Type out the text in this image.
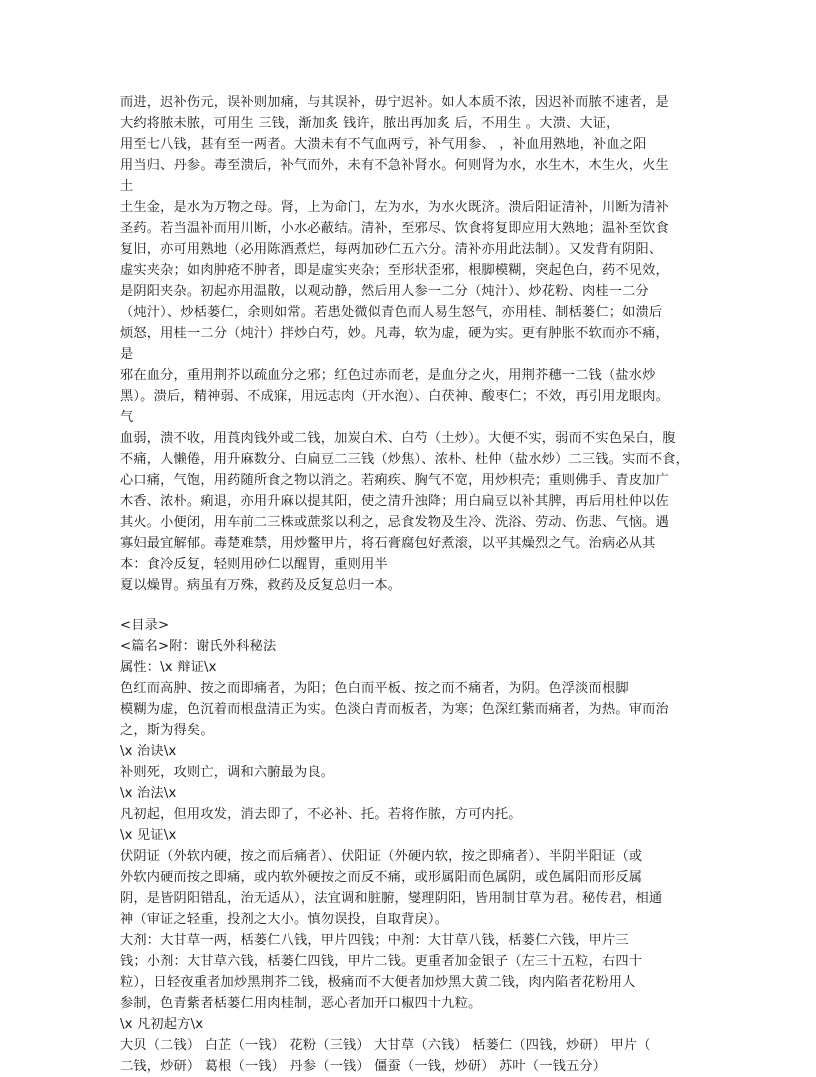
而进，迟补伤元，误补则加痛，与其误补，毋宁迟补。如人本质不浓，因迟补而脓不速者，是
大约将脓未脓，可用生 三钱，渐加炙 钱许，脓出再加炙 后，不用生 。大溃、大证，
用至七八钱，甚有至一两者。大溃未有不气血两亏，补气用参、 ，补血用熟地，补血之阳
用当归、丹参。毒至溃后，补气而外，未有不急补肾水。何则肾为水，水生木，木生火，火生
土
土生金，是水为万物之母。肾，上为命门，左为水，为水火既济。溃后阳证清补，川断为清补
圣药。若当温补而用川断，小水必蔽结。清补，至邪尽、饮食将复即应用大熟地；温补至饮食
复旧，亦可用熟地（必用陈酒煮烂，每两加砂仁五六分。清补亦用此法制）。又发背有阴阳、
虚实夹杂；如肉肿疮不肿者，即是虚实夹杂；至形状歪邪，根脚模糊，突起色白，药不见效，
是阴阳夹杂。初起亦用温散，以观动静，然后用人参一二分（炖汁）、炒花粉、肉桂一二分
（炖汁）、炒栝蒌仁，余则如常。若患处微似青色而人易生怒气，亦用桂、制栝蒌仁；如溃后
烦怒，用桂一二分（炖汁）拌炒白芍，妙。凡毒，软为虚，硬为实。更有肿胀不软而亦不痛，
是
邪在血分，重用荆芥以疏血分之邪；红色过赤而老，是血分之火，用荆芥穗一二钱（盐水炒
黑）。溃后，精神弱、不成寐，用远志肉（开水泡）、白茯神、酸枣仁；不效，再引用龙眼肉。
气
血弱，溃不收，用莨肉钱外或二钱，加炭白术、白芍（土炒）。大便不实，弱而不实色呆白，腹
不痛，人懒倦，用升麻数分、白扁豆二三钱（炒焦）、浓朴、杜仲（盐水炒）二三钱。实而不食，
心口痛，气饱，用药随所食之物以消之。若痢疾、胸气不宽，用炒枳壳；重则佛手、青皮加广
木香、浓朴。痢退，亦用升麻以提其阳，使之清升浊降；用白扁豆以补其脾，再后用杜仲以佐
其火。小便闭，用车前二三株或蔗浆以利之，忌食发物及生冷、洗浴、劳动、伤悲、气恼。遇
寡妇最宜解郁。毒楚难禁，用炒鳖甲片，将石膏腐包好煮滚，以平其燥烈之气。治病必从其
本：食冷反复，轻则用砂仁以醒胃，重则用半
夏以燥胃。病虽有万殊，救药及反复总归一本。
<目录>
<篇名>附：谢氏外科秘法
属性：\x 辩证\x
色红而高肿、按之而即痛者，为阳；色白而平板、按之而不痛者，为阴。色浮淡而根脚
模糊为虚，色沉着而根盘清正为实。色淡白青而板者，为寒；色深红紫而痛者，为热。审而治
之，斯为得矣。
\x 治诀\x
补则死，攻则亡，调和六腑最为良。
\x 治法\x
凡初起，但用攻发，消去即了，不必补、托。若将作脓，方可内托。
\x 见证\x
伏阴证（外软内硬，按之而后痛者）、伏阳证（外硬内软，按之即痛者）、半阴半阳证（或
外软内硬而按之即痛，或内软外硬按之而反不痛，或形属阳而色属阴，或色属阳而形反属
阴，是皆阴阳错乱，治无适从），法宜调和脏腑，燮理阴阳，皆用制甘草为君。秘传君，相通
神（审证之轻重，投剂之大小。慎勿误投，自取背戾）。
大剂：大甘草一两，栝蒌仁八钱，甲片四钱；中剂：大甘草八钱，栝蒌仁六钱，甲片三
钱；小剂：大甘草六钱，栝蒌仁四钱，甲片二钱。更重者加金银子（左三十五粒，右四十
粒），日轻夜重者加炒黑荆芥二钱，极痛而不大便者加炒黑大黄二钱，肉内陷者花粉用人
参制，色青紫者栝蒌仁用肉桂制，恶心者加开口椒四十九粒。
\x 凡初起方\x
大贝（二钱） 白芷（一钱） 花粉（三钱） 大甘草（六钱） 栝蒌仁（四钱，炒研） 甲片（
二钱，炒研） 葛根（一钱） 丹参（一钱） 僵蚕（一钱，炒研） 苏叶（一钱五分）
